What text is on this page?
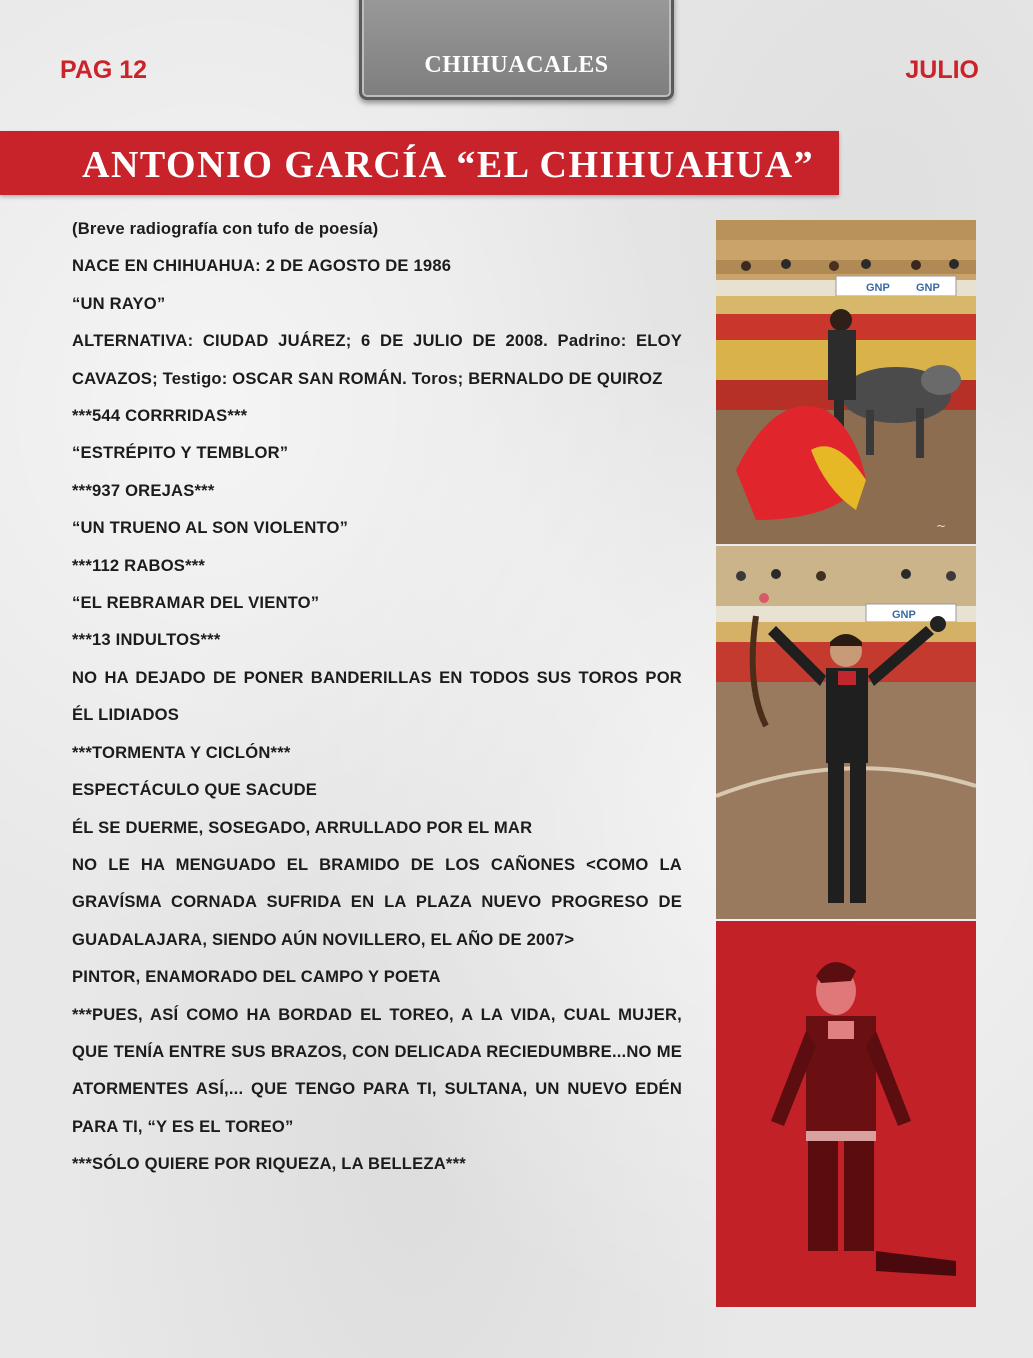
PAG 12	CHIHUACALES	JULIO
ANTONIO GARCÍA “EL CHIHUAHUA”

(Breve radiografía con tufo de poesía)

NACE EN CHIHUAHUA: 2 DE AGOSTO DE 1986

“UN RAYO”

ALTERNATIVA: CIUDAD JUÁREZ; 6 DE JULIO DE 2008. Padrino: ELOY CAVAZOS; Testigo: OSCAR SAN ROMÁN. Toros; BERNALDO DE QUIROZ

***544 CORRRIDAS***

“ESTRÉPITO Y TEMBLOR”

***937 OREJAS***

“UN TRUENO AL SON VIOLENTO”

***112 RABOS***

“EL REBRAMAR DEL VIENTO”

***13 INDULTOS***

NO HA DEJADO DE PONER BANDERILLAS EN TODOS SUS TOROS POR ÉL LIDIADOS

***TORMENTA Y CICLÓN***

ESPECTÁCULO QUE SACUDE

ÉL SE DUERME, SOSEGADO, ARRULLADO POR EL MAR

NO LE HA MENGUADO EL BRAMIDO DE LOS CAÑONES <COMO LA GRAVÍSMA CORNADA SUFRIDA EN LA PLAZA NUEVO PROGRESO DE GUADALAJARA, SIENDO AÚN NOVILLERO, EL AÑO DE 2007>

PINTOR, ENAMORADO DEL CAMPO Y POETA

***PUES, ASÍ COMO HA BORDAD EL TOREO, A LA VIDA, CUAL MUJER, QUE TENÍA ENTRE SUS BRAZOS, CON DELICADA RECIEDUMBRE...NO ME ATORMENTES ASÍ,... QUE TENGO PARA TI, SULTANA, UN NUEVO EDÉN PARA TI, “Y ES EL TOREO”

***SÓLO QUIERE POR RIQUEZA, LA BELLEZA***

GNP GNP
~
GNP
